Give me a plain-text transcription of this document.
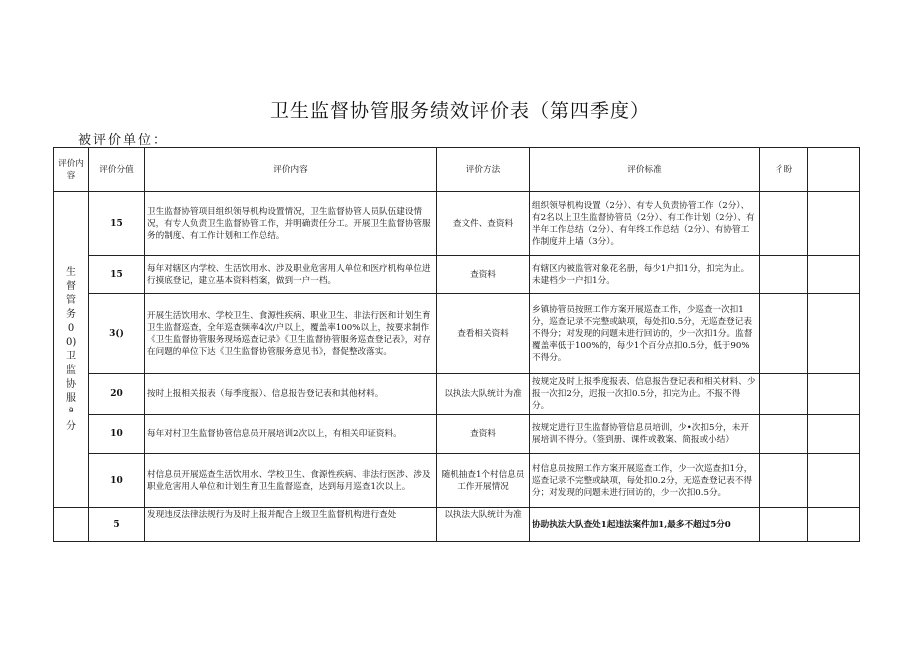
卫生监督协管服务绩效评价表（第四季度）
被评价单位：
评价内容	评价分值	评价内容	评价方法	评价标准	彳盼	

生督管务00)卫监协服ª分	15	卫生监督协管项目组织领导机构设置情况，卫生监督协管人员队伍建设情况，有专人负责卫生监督协管工作，并明确责任分工。开展卫生监督协管服务的制度、有工作计划和工作总结。	查文件、查资料	组织领导机构设置（2分）、有专人负责协管工作（2分）、有2名以上卫生监督协管员（2分）、有工作计划（2分）、有半年工作总结（2分）、有年终工作总结（2分）、有协管工作制度并上墙（3分）。		
	15	每年对辖区内学校、生活饮用水、涉及职业危害用人单位和医疗机构单位进行摸底登记，建立基本资料档案，做到一户一档。	查资料	有辖区内被监管对象花名册，每少1户扣1分，扣完为止。未建档少一户扣1分。		
	3()	开展生活饮用水、学校卫生、食源性疾病、职业卫生、非法行医和计划生育卫生监督巡查，全年巡查频率4次/户以上，覆盖率100%以上，按要求制作《卫生监督协管服务现场巡查记录》《卫生监督协管服务巡查登记表》，对存在问题的单位下达《卫生监督协管服务意见书》，督促整改落实。	查看相关资料	乡镇协管员按照工作方案开展巡查工作，少巡查一次扣1分，巡查记录不完整或缺项，每处扣0.5分，无巡查登记表不得分；对发现的问题未进行回访的，少一次扣1分。监督覆盖率低于100%的，每少1个百分点扣0.5分，低于90%不得分。		
	20	按时上报相关报表（每季度报）、信息报告登记表和其他材料。	以执法大队统计为准	按规定及时上报季度报表、信息报告登记表和相关材料、少报一次扣2分，迟报一次扣0.5分，扣完为止。不报不得分。		
	10	每年对村卫生监督协管信息员开展培训2次以上，有相关印证资料。	查资料	按规定进行卫生监督协管信息员培训，少•次扣5分，未开展培训不得分。（签到册、课件或教案、简报或小结）		
	10	村信息员开展巡查生活饮用水、学校卫生、食源性疾病、非法行医涉、涉及职业危害用人单位和计划生育卫生监督巡查，达到每月巡查1次以上。	随机抽查1个村信息员工作开展情况	村信息员按照工作方案开展巡查工作，少一次巡查扣1分，巡查记录不完整或缺项，每处扣0.2分，无巡查登记表不得分；对发现的问题未进行回访的，少一次扣0.5分。		
	5	发现违反法律法规行为及时上报并配合上级卫生监督机构进行查处	以执法大队统计为准	协助执法大队查处1起违法案件加1,最多不超过5分0		
